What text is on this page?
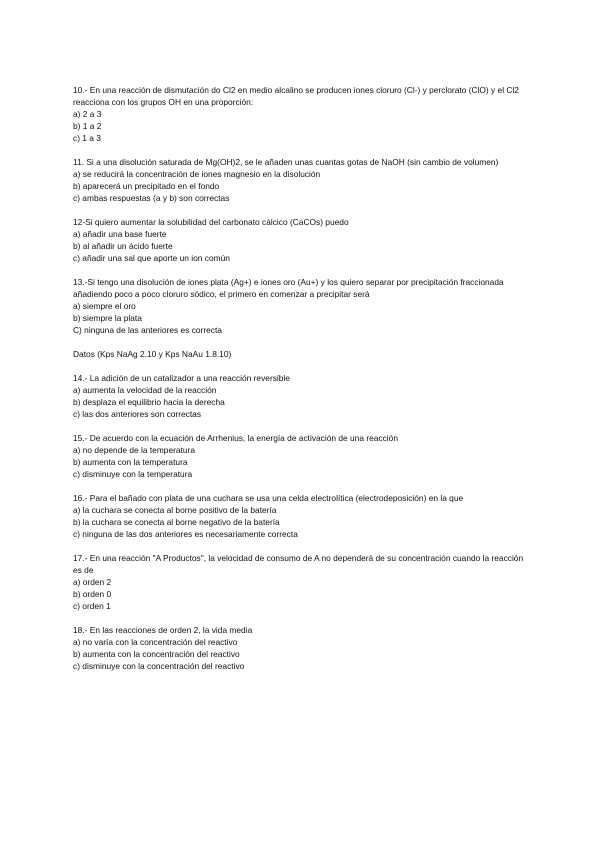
10.- En una reacción de dismutación do Cl2 en medio alcalino se producen iones cloruro (Cl-) y perclorato (ClO) y el Cl2 reacciona con los grupos OH en una proporción:

a) 2 a 3

b) 1 a 2

c) 1 a 3

11. Si a una disolución saturada de Mg(OH)2, se le añaden unas cuantas gotas de NaOH (sin cambio de volumen)

a) se reducirá la concentración de iones magnesio en la disolución

b) aparecerá un precipitado en el fondo

c) ambas respuestas (a y b) son correctas

12-Si quiero aumentar la solubilidad del carbonato cálcico (CaCOs) puedo

a) añadir una base fuerte

b) al añadir un ácido fuerte

c) añadir una sal que aporte un ion común

13.-Si tengo una disolución de iones plata (Ag+) e iones oro (Au+) y los quiero separar por precipitación fraccionada añadiendo poco a poco cloruro sódico, el primero en comenzar a precipitar será

a) siempre el oro

b) siempre la plata

C) ninguna de las anteriores es correcta

Datos (Kps NaAg 2.10 y Kps NaAu 1.8.10)

14.- La adición de un catalizador a una reacción reversible

a) aumenta la velocidad de la reacción

b) desplaza el equilibrio hacia la derecha

c) las dos anteriores son correctas

15.- De acuerdo con la ecuación de Arrhenius, la energía de activación de una reacción

a) no depende de la temperatura

b) aumenta con la temperatura

c) disminuye con la temperatura

16.- Para el bañado con plata de una cuchara se usa una celda electrolítica (electrodeposición) en la que

a) la cuchara se conecta al borne positivo de la batería

b) la cuchara se conecta al borne negativo de la batería

c) ninguna de las dos anteriores es necesariamente correcta

17.- En una reacción "A Productos", la velocidad de consumo de A no dependerá de su concentración cuando la reacción es de

a) orden 2

b) orden 0

c) orden 1

18.- En las reacciones de orden 2, la vida media

a) no varía con la concentración del reactivo

b) aumenta con la concentración del reactivo

c) disminuye con la concentración del reactivo
